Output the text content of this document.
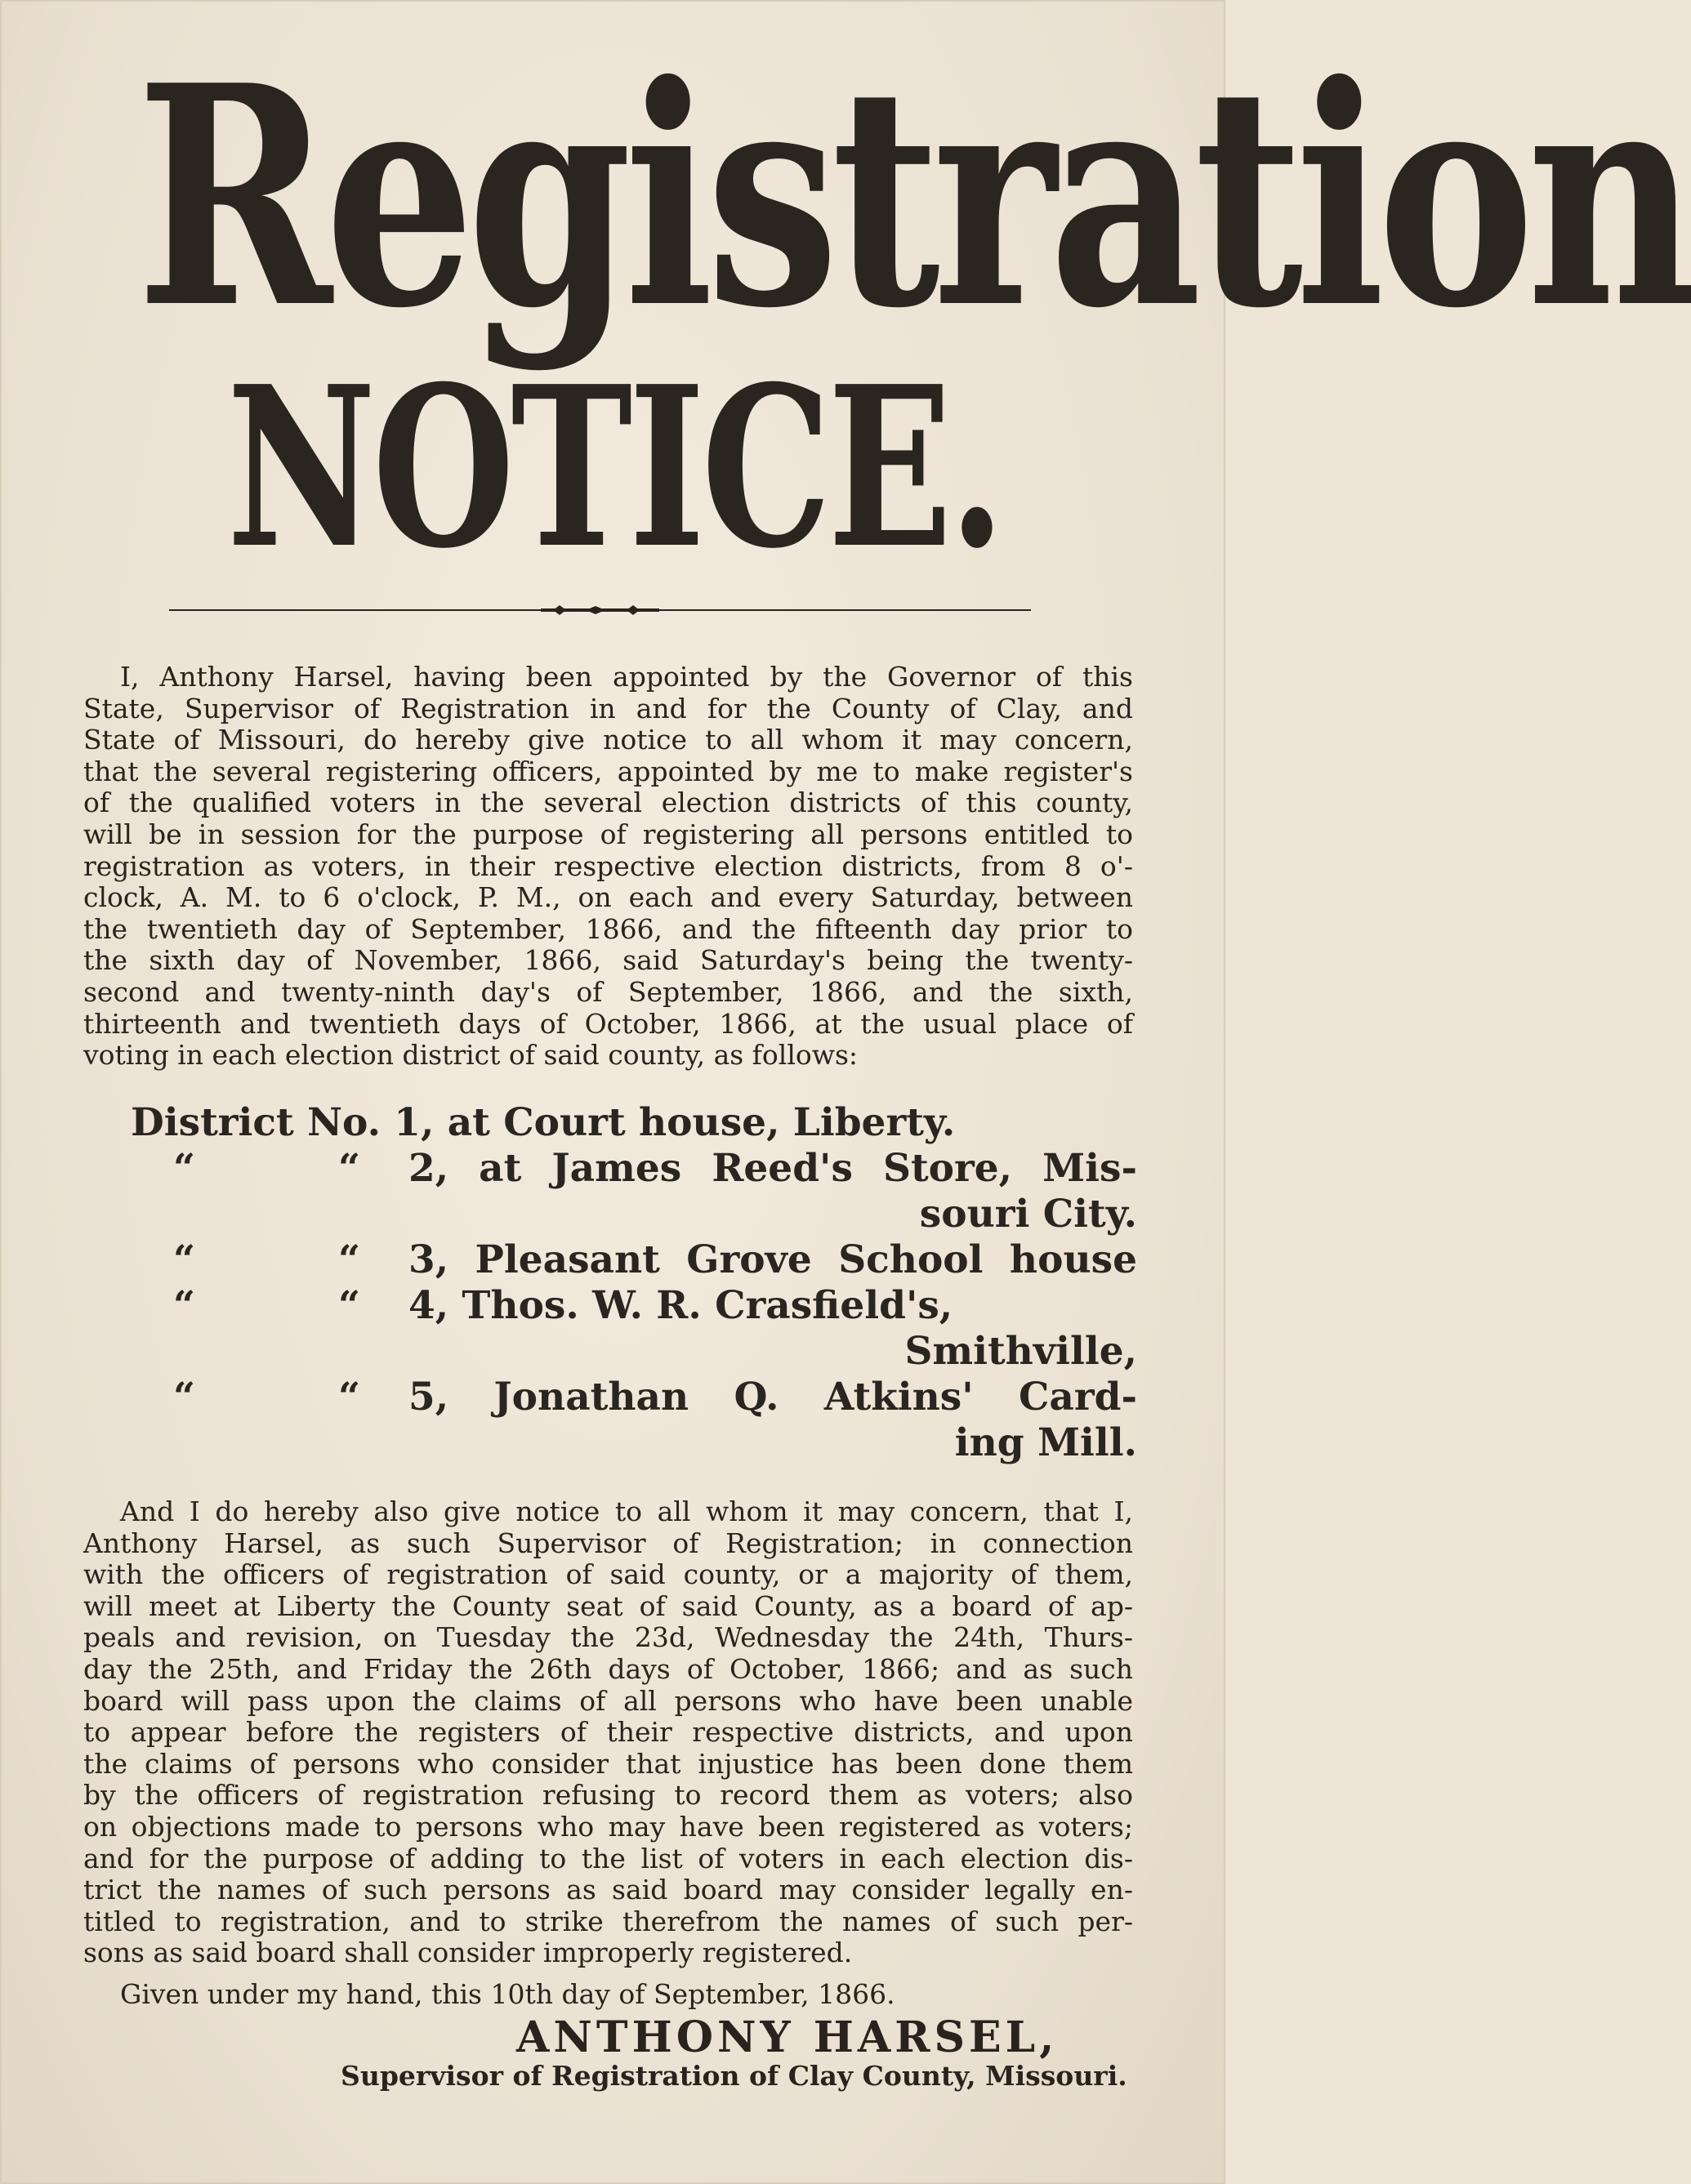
Registration
NOTICE.
I, Anthony Harsel, having been appointed by the Governor of this
State, Supervisor of Registration in and for the County of Clay, and
State of Missouri, do hereby give notice to all whom it may concern,
that the several registering officers, appointed by me to make register's
of the qualified voters in the several election districts of this county,
will be in session for the purpose of registering all persons entitled to
registration as voters, in their respective election districts, from 8 o'-
clock, A. M. to 6 o'clock, P. M., on each and every Saturday, between
the twentieth day of September, 1866, and the fifteenth day prior to
the sixth day of November, 1866, said Saturday's being the twenty-
second and twenty-ninth day's of September, 1866, and the sixth,
thirteenth and twentieth days of October, 1866, at the usual place of
voting in each election district of said county, as follows:
District No. 1, at Court house, Liberty.
“	“ 2, at James Reed's Store, Mis-
souri City.
“	“ 3, Pleasant Grove School house
“	“ 4, Thos. W. R. Crasfield's,
Smithville,
“	“ 5, Jonathan Q. Atkins' Card-
ing Mill.
And I do hereby also give notice to all whom it may concern, that I,
Anthony Harsel, as such Supervisor of Registration; in connection
with the officers of registration of said county, or a majority of them,
will meet at Liberty the County seat of said County, as a board of ap-
peals and revision, on Tuesday the 23d, Wednesday the 24th, Thurs-
day the 25th, and Friday the 26th days of October, 1866; and as such
board will pass upon the claims of all persons who have been unable
to appear before the registers of their respective districts, and upon
the claims of persons who consider that injustice has been done them
by the officers of registration refusing to record them as voters; also
on objections made to persons who may have been registered as voters;
and for the purpose of adding to the list of voters in each election dis-
trict the names of such persons as said board may consider legally en-
titled to registration, and to strike therefrom the names of such per-
sons as said board shall consider improperly registered.
Given under my hand, this 10th day of September, 1866.
ANTHONY HARSEL,
Supervisor of Registration of Clay County, Missouri.
